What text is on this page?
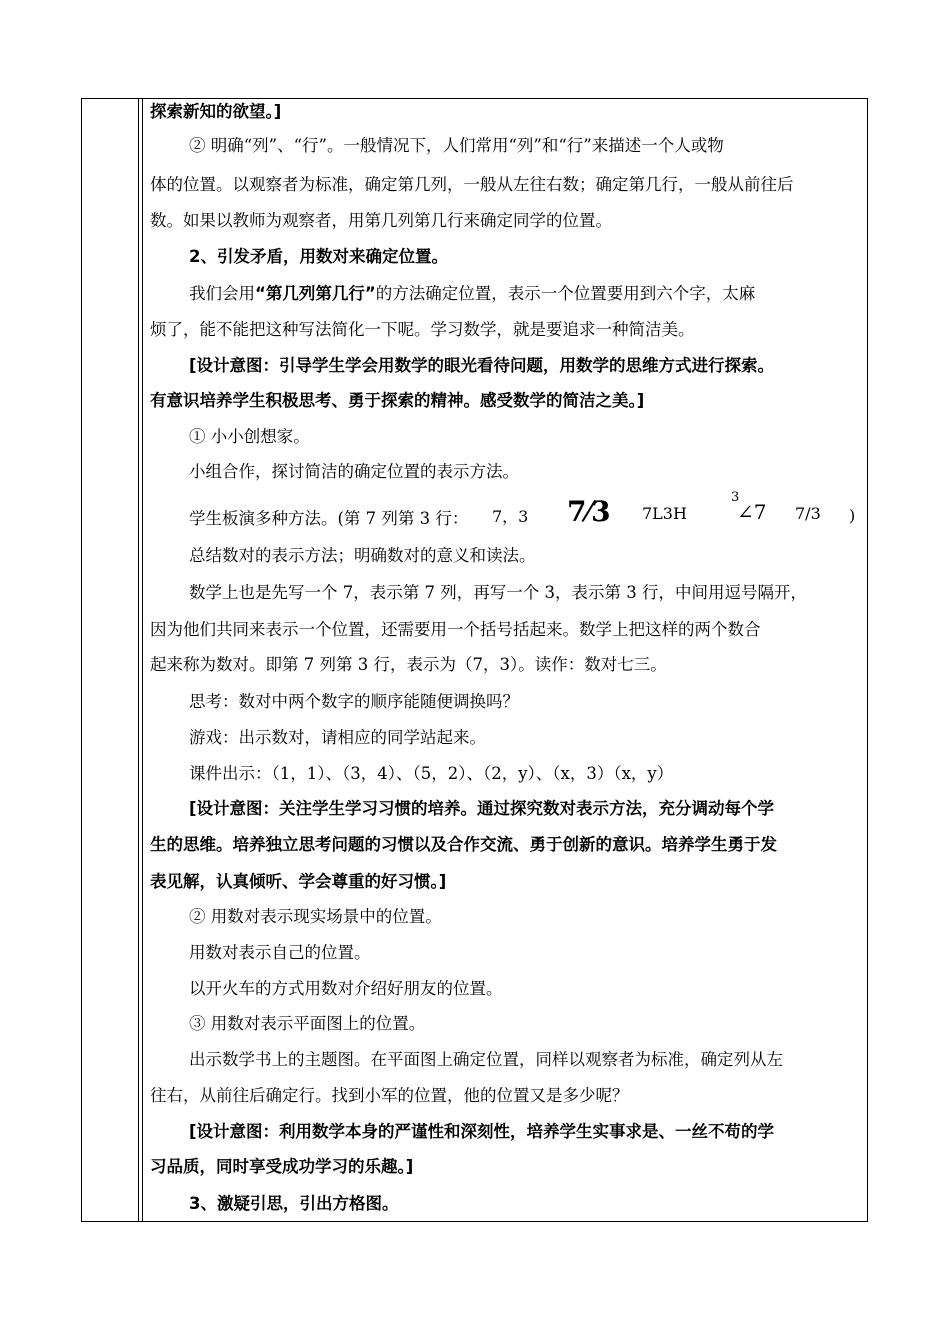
探索新知的欲望。]

② 明确“列”、“行”。一般情况下，人们常用“列”和“行”来描述一个人或物

体的位置。以观察者为标准，确定第几列，一般从左往右数；确定第几行，一般从前往后

数。如果以教师为观察者，用第几列第几行来确定同学的位置。

2、引发矛盾，用数对来确定位置。

我们会用“第几列第几行”的方法确定位置，表示一个位置要用到六个字，太麻

烦了，能不能把这种写法简化一下呢。学习数学，就是要追求一种简洁美。

[设计意图：引导学生学会用数学的眼光看待问题，用数学的思维方式进行探索。

有意识培养学生积极思考、勇于探索的精神。感受数学的简洁之美。]

① 小小创想家。

小组合作，探讨简洁的确定位置的表示方法。

学生板演多种方法。(第 7 列第 3 行：

总结数对的表示方法；明确数对的意义和读法。

数学上也是先写一个 7，表示第 7 列，再写一个 3，表示第 3 行，中间用逗号隔开，

因为他们共同来表示一个位置，还需要用一个括号括起来。数学上把这样的两个数合

起来称为数对。即第 7 列第 3 行，表示为（7，3）。读作：数对七三。

思考：数对中两个数字的顺序能随便调换吗？

游戏：出示数对，请相应的同学站起来。

课件出示：（1，1）、（3，4）、（5，2）、（2，y）、（x，3）（x，y）

[设计意图：关注学生学习习惯的培养。通过探究数对表示方法，充分调动每个学

生的思维。培养独立思考问题的习惯以及合作交流、勇于创新的意识。培养学生勇于发

表见解，认真倾听、学会尊重的好习惯。]

② 用数对表示现实场景中的位置。

用数对表示自己的位置。

以开火车的方式用数对介绍好朋友的位置。

③ 用数对表示平面图上的位置。

出示数学书上的主题图。在平面图上确定位置，同样以观察者为标准，确定列从左

往右，从前往后确定行。找到小军的位置，他的位置又是多少呢？

[设计意图：利用数学本身的严谨性和深刻性，培养学生实事求是、一丝不苟的学

习品质，同时享受成功学习的乐趣。]

3、激疑引思，引出方格图。

7，3 7⁄3 7L3H
3
∠7 7/3 )
